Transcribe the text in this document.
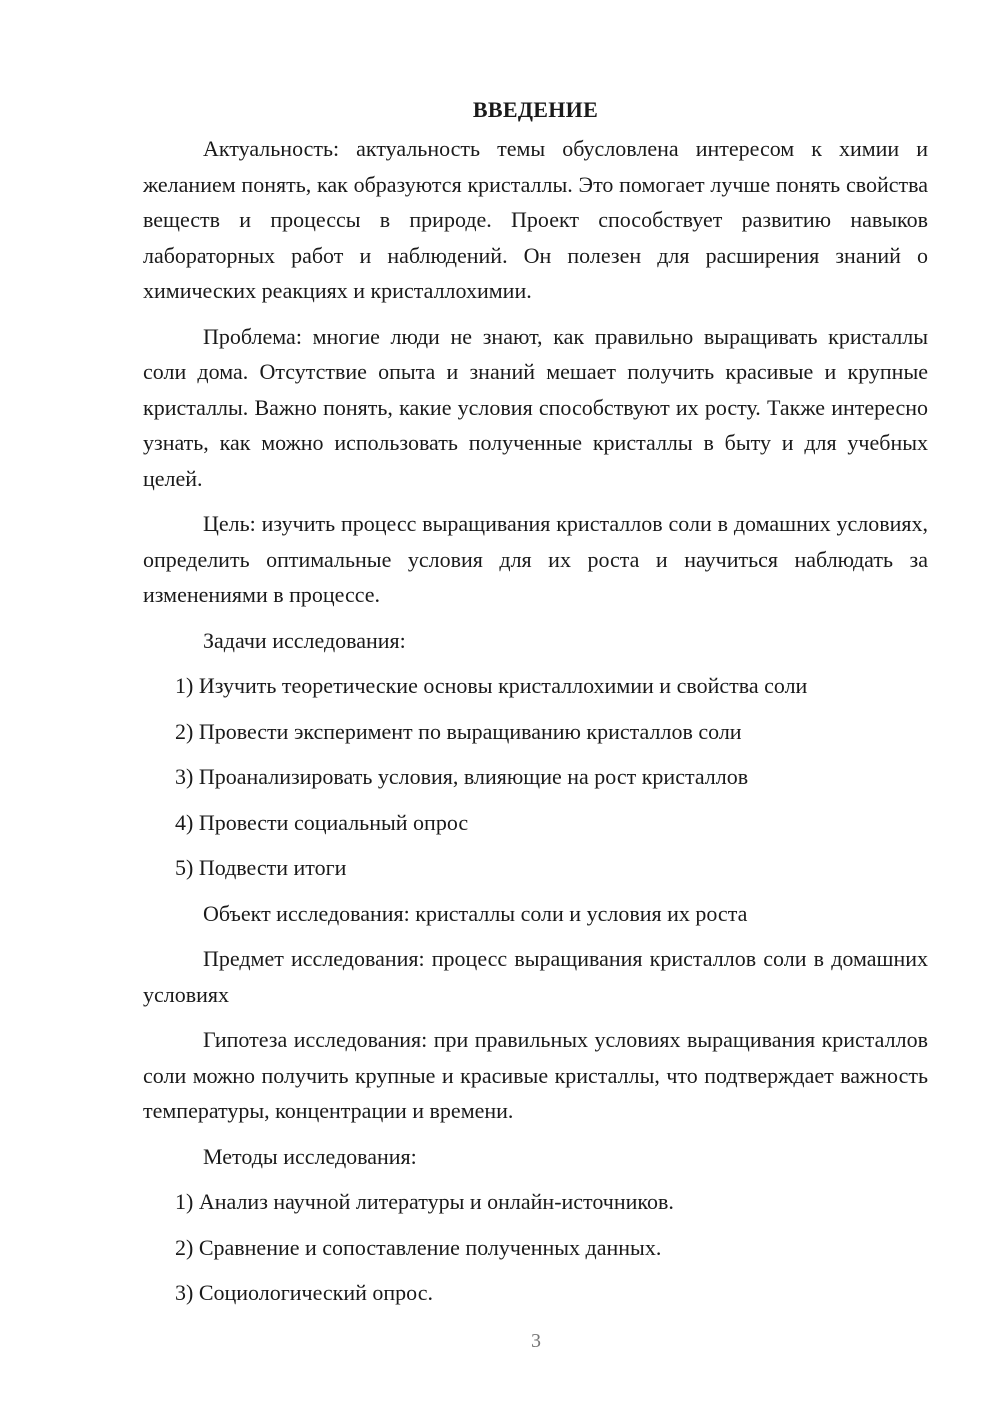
ВВЕДЕНИЕ

Актуальность: актуальность темы обусловлена интересом к химии и желанием понять, как образуются кристаллы. Это помогает лучше понять свойства веществ и процессы в природе. Проект способствует развитию навыков лабораторных работ и наблюдений. Он полезен для расширения знаний о химических реакциях и кристаллохимии.

Проблема: многие люди не знают, как правильно выращивать кристаллы соли дома. Отсутствие опыта и знаний мешает получить красивые и крупные кристаллы. Важно понять, какие условия способствуют их росту. Также интересно узнать, как можно использовать полученные кристаллы в быту и для учебных целей.

Цель: изучить процесс выращивания кристаллов соли в домашних условиях, определить оптимальные условия для их роста и научиться наблюдать за изменениями в процессе.

Задачи исследования:
1) Изучить теоретические основы кристаллохимии и свойства соли
2) Провести эксперимент по выращиванию кристаллов соли
3) Проанализировать условия, влияющие на рост кристаллов
4) Провести социальный опрос
5) Подвести итоги

Объект исследования: кристаллы соли и условия их роста

Предмет исследования: процесс выращивания кристаллов соли в домашних условиях

Гипотеза исследования: при правильных условиях выращивания кристаллов соли можно получить крупные и красивые кристаллы, что подтверждает важность температуры, концентрации и времени.

Методы исследования:
1) Анализ научной литературы и онлайн-источников.
2) Сравнение и сопоставление полученных данных.
3) Социологический опрос.
3
